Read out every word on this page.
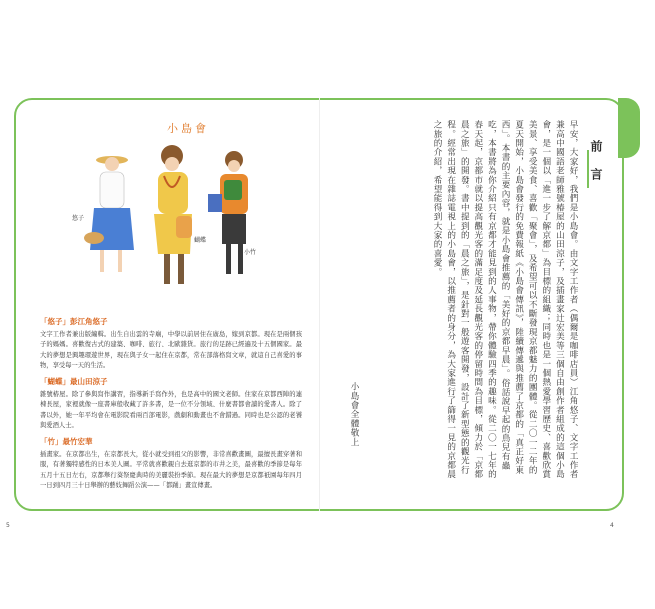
小島會
悠子
蝴蝶
小竹
「悠子」彭江角悠子
文字工作者兼出版編輯。出生自出雲的寺廟，中學以前居住在廣島，嫁到京都。現在是兩個孩子的媽媽。喜歡復古式的建築、咖啡、旅行、北歐雜貨。旅行的足跡已經遍及十五個國家。最大的夢想是興趣環遊世界，現在與子女一起住在京都，常在部落格寫文章，就這自己喜愛的事物，享受每一天的生活。
「蝴蝶」最山田涼子
雜號椿屋。除了參與寫作講習，指導新手寫作外，也是高中的國文老師。住家在京都西陣的連棟長屋，家裡就像一座書庫般收藏了許多書，是一位不分領域、什麼書都會讀的愛書人。除了書以外，她一年平均會在電影院看兩百部電影，戲劇和動畫也不會錯過。同時也是公認的老饕與愛酒人士。
「竹」最竹宏華
插畫家。在京都出生，在京都長大，從小就受到祖父的影響，非常喜歡畫圖，最擅長畫穿著和服，有著獨特感性的日本美人圖。平常就喜歡親自去逛京都的市井之美，最喜歡的季節是每年五月十五日左右，京都舉行葵祭慶典時的美麗裝扮季節。現在最大的夢想是京都祇園每年四月一日到四月三十日舉辦的藝妓舞蹈公演——「都踊」畫宣傳畫。
5
前言
早安，大家好，我們是小島會。由文字工作者（偶爾是咖啡店員）江角悠子、文字工作者兼高中國語老師雅號椿屋的山田涼子，及插畫家辻宏美等三個自由創作者組成的這個小島會，是一個以「進一步了解京都」為目標的組織；同時也是一個熱愛學習歷史、喜歡欣賞美景、享受美食、喜歡「聚會」，及希望可以不斷發現京都魅力的團體。從二〇一二年的夏天開始，小島會發行的免費報紙《小島會傳訊》，陸續傳遞與推薦了京都的「真正好東西」。本書的主要內容，就是小島會推薦的「美好的京都早晨」。俗話說早起的鳥兒有蟲吃，本書將為你介紹只有京都才能見到的人事物，帶你體驗四季的趣味。從二〇一七年的春天起，京都市就以提高觀光客的滿足度及延長觀光客的停留時間為目標，傾力於「京都晨之旅」的開發。書中提到的「晨之旅」，是針對一般遊客開發，設計了新型態的觀光行程。經常出現在雜誌電視上的小島會，以推薦者的身分，為大家進行了篩得一見的京都晨之旅的介紹，希望能得到大家的喜愛。
小島會全體敬上
4
